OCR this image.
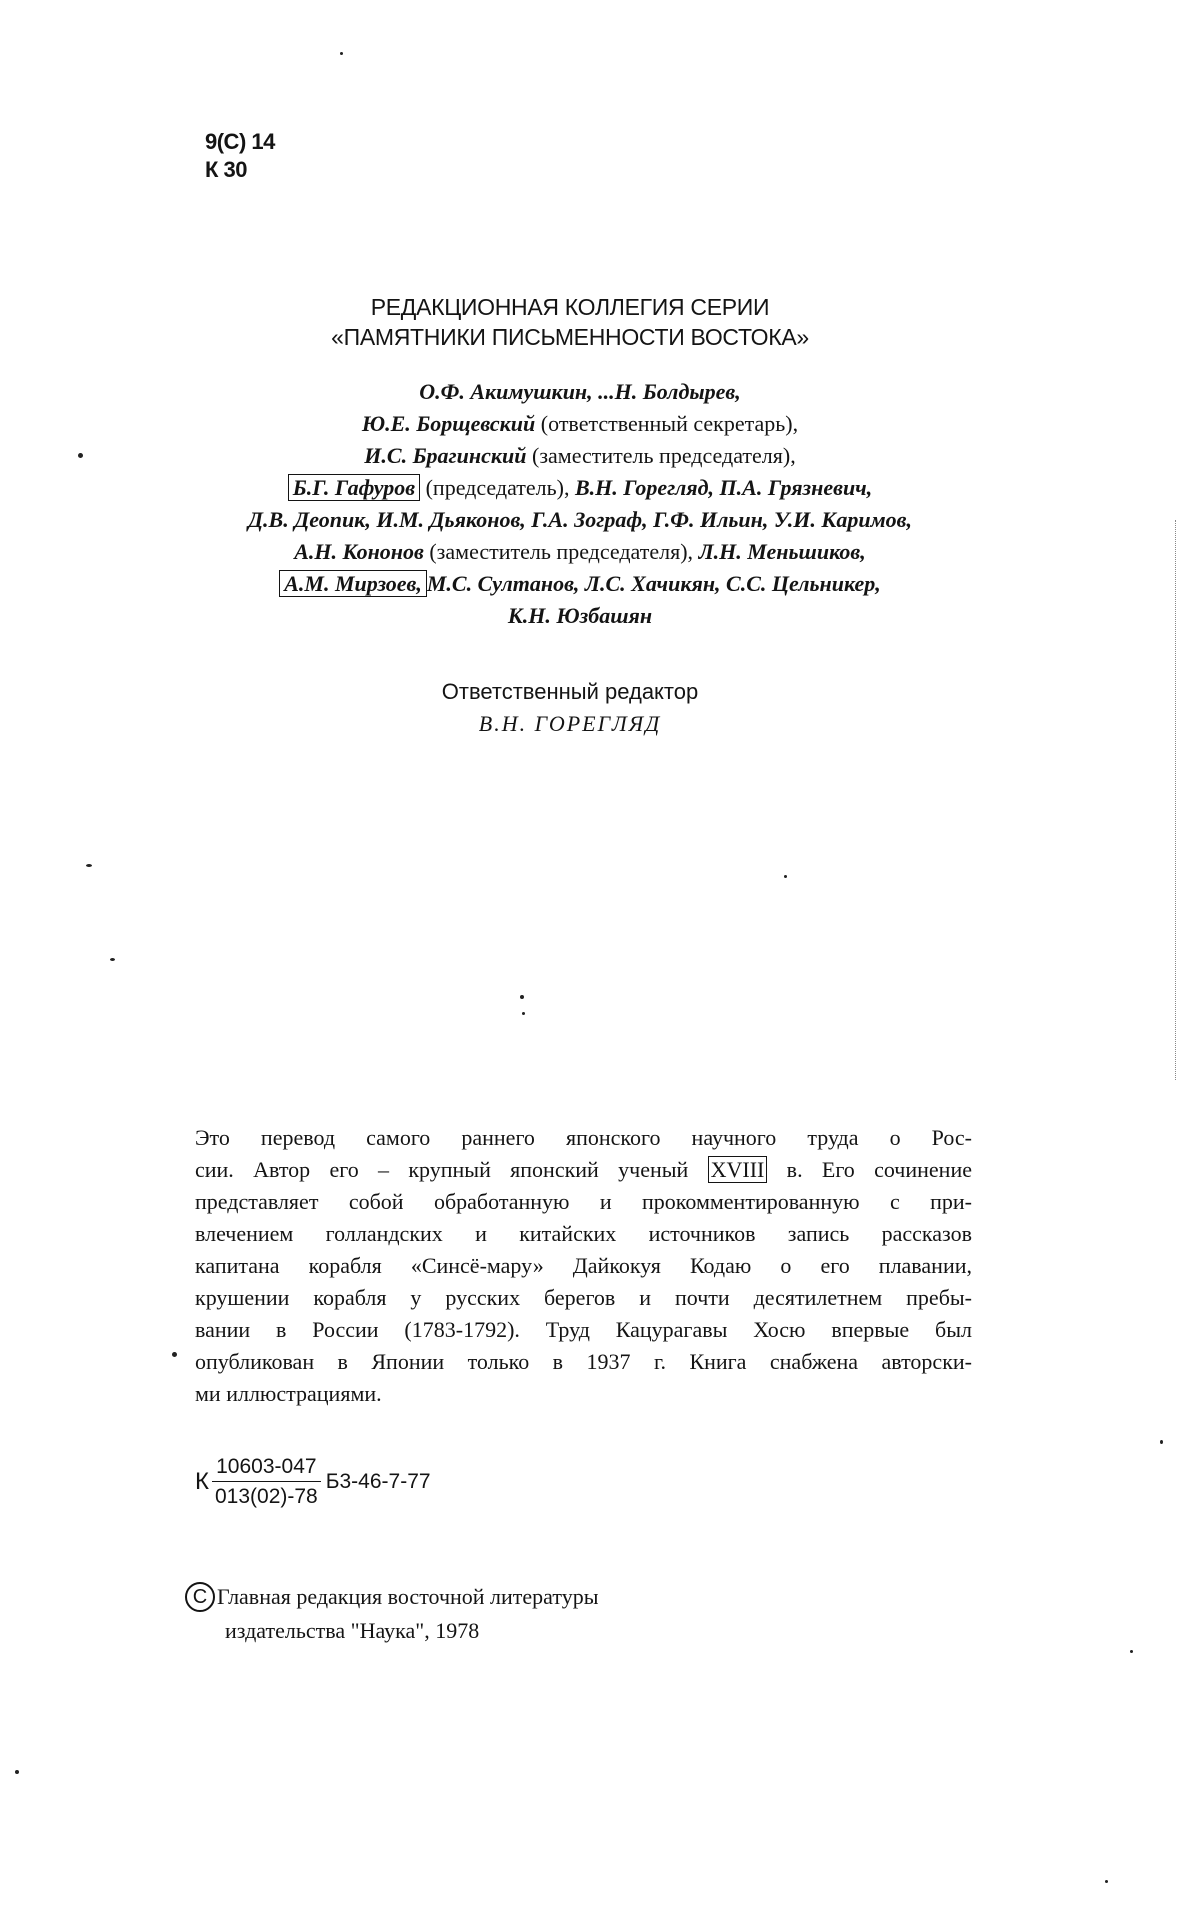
9(С) 14
К 30
РЕДАКЦИОННАЯ КОЛЛЕГИЯ СЕРИИ
«ПАМЯТНИКИ ПИСЬМЕННОСТИ ВОСТОКА»
О.Ф. Акимушкин, ...Н. Болдырев,
Ю.Е. Борщевский (ответственный секретарь),
И.С. Брагинский (заместитель председателя),
Б.Г. Гафуров (председатель), В.Н. Горегляд, П.А. Грязневич,
Д.В. Деопик, И.М. Дьяконов, Г.А. Зограф, Г.Ф. Ильин, У.И. Каримов,
А.Н. Кононов (заместитель председателя), Л.Н. Меньшиков,
А.М. Мирзоев, М.С. Султанов, Л.С. Хачикян, С.С. Цельникер,
К.Н. Юзбашян
Ответственный редактор
В.Н. ГОРЕГЛЯД
Это перевод самого раннего японского научного труда о Рос-
сии. Автор его – крупный японский ученый XVIII в. Его сочинение
представляет собой обработанную и прокомментированную с при-
влечением голландских и китайских источников запись рассказов
капитана корабля «Синсё-мару» Дайкокуя Кодаю о его плавании,
крушении корабля у русских берегов и почти десятилетнем пребы-
вании в России (1783-1792). Труд Кацурагавы Хосю впервые был
опубликован в Японии только в 1937 г. Книга снабжена авторски-
ми иллюстрациями.
К $\frac{10603-047}{013(02)-78} Б3-46-7-77$
С Главная редакция восточной литературы
издательства "Наука", 1978
